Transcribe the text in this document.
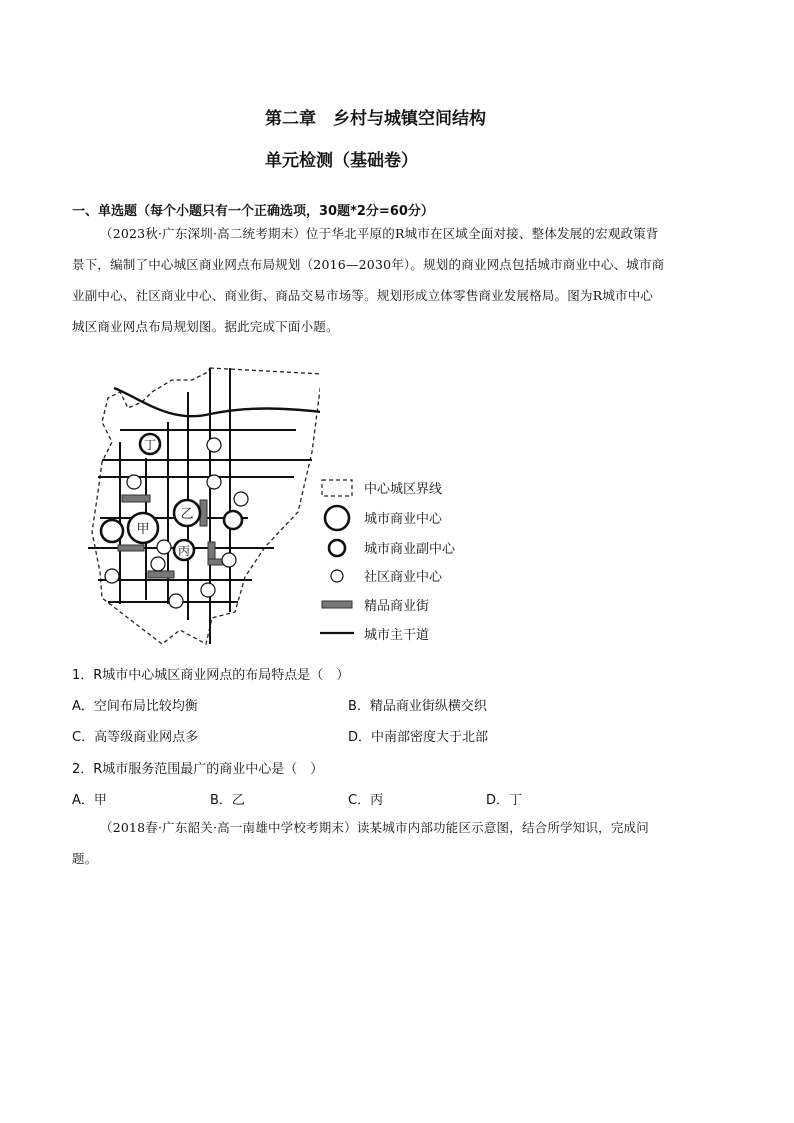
第二章　乡村与城镇空间结构
单元检测（基础卷）
一、单选题（每个小题只有一个正确选项，30题*2分=60分）
（2023秋·广东深圳·高二统考期末）位于华北平原的R城市在区域全面对接、整体发展的宏观政策背
景下，编制了中心城区商业网点布局规划（2016—2030年）。规划的商业网点包括城市商业中心、城市商
业副中心、社区商业中心、商业街、商品交易市场等。规划形成立体零售商业发展格局。图为R城市中心
城区商业网点布局规划图。据此完成下面小题。
丁
丙
甲
乙
中心城区界线
城市商业中心
城市商业副中心
社区商业中心
精品商业街
城市主干道
1．R城市中心城区商业网点的布局特点是（　）
A．空间布局比较均衡	B．精品商业街纵横交织
C．高等级商业网点多	D．中南部密度大于北部
2．R城市服务范围最广的商业中心是（　）
A．甲	B．乙	C．丙	D．丁
（2018春·广东韶关·高一南雄中学校考期末）读某城市内部功能区示意图，结合所学知识，完成问
题。
